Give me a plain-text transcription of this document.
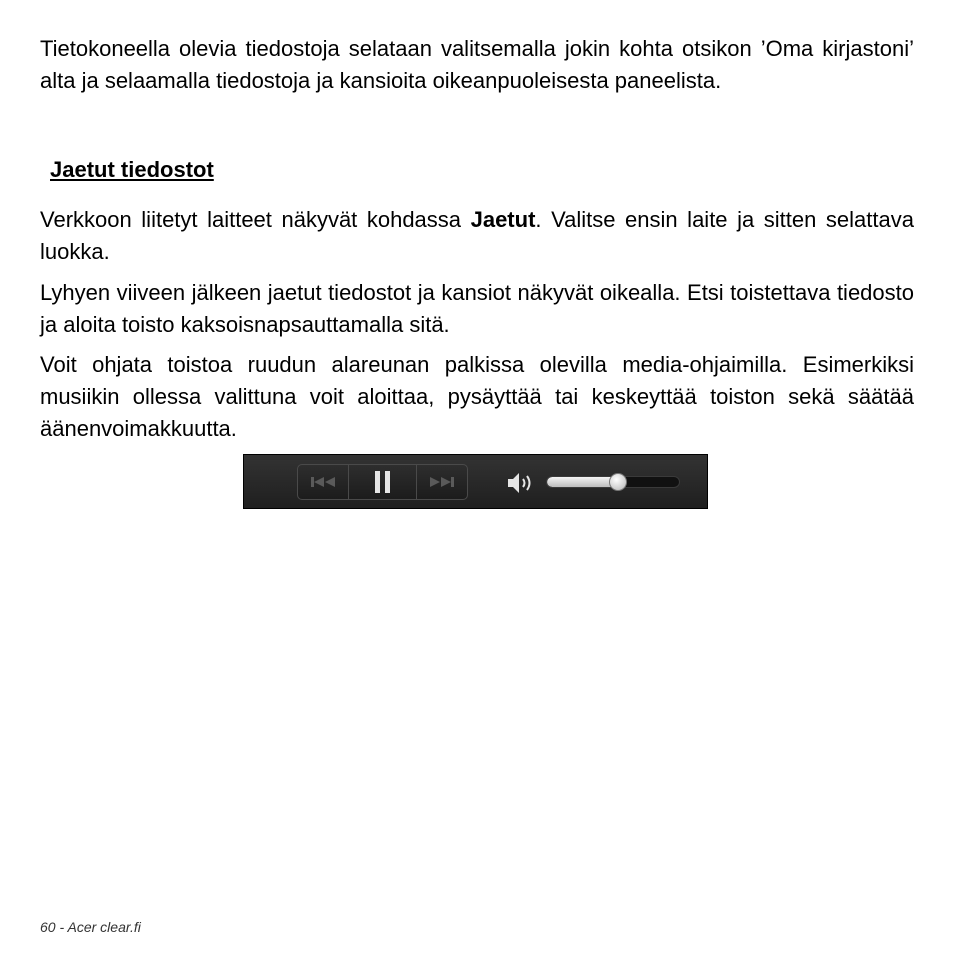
Tietokoneella olevia tiedostoja selataan valitsemalla jokin kohta otsikon ’Oma kirjastoni’ alta ja selaamalla tiedostoja ja kansioita oikeanpuoleisesta paneelista.

Jaetut tiedostot

Verkkoon liitetyt laitteet näkyvät kohdassa Jaetut. Valitse ensin laite ja sitten selattava luokka.

Lyhyen viiveen jälkeen jaetut tiedostot ja kansiot näkyvät oikealla. Etsi toistettava tiedosto ja aloita toisto kaksoisnapsauttamalla sitä.

Voit ohjata toistoa ruudun alareunan palkissa olevilla media-ohjaimilla. Esimerkiksi musiikin ollessa valittuna voit aloittaa, pysäyttää tai keskeyttää toiston sekä säätää äänenvoimakkuutta.

60 - Acer clear.fi
